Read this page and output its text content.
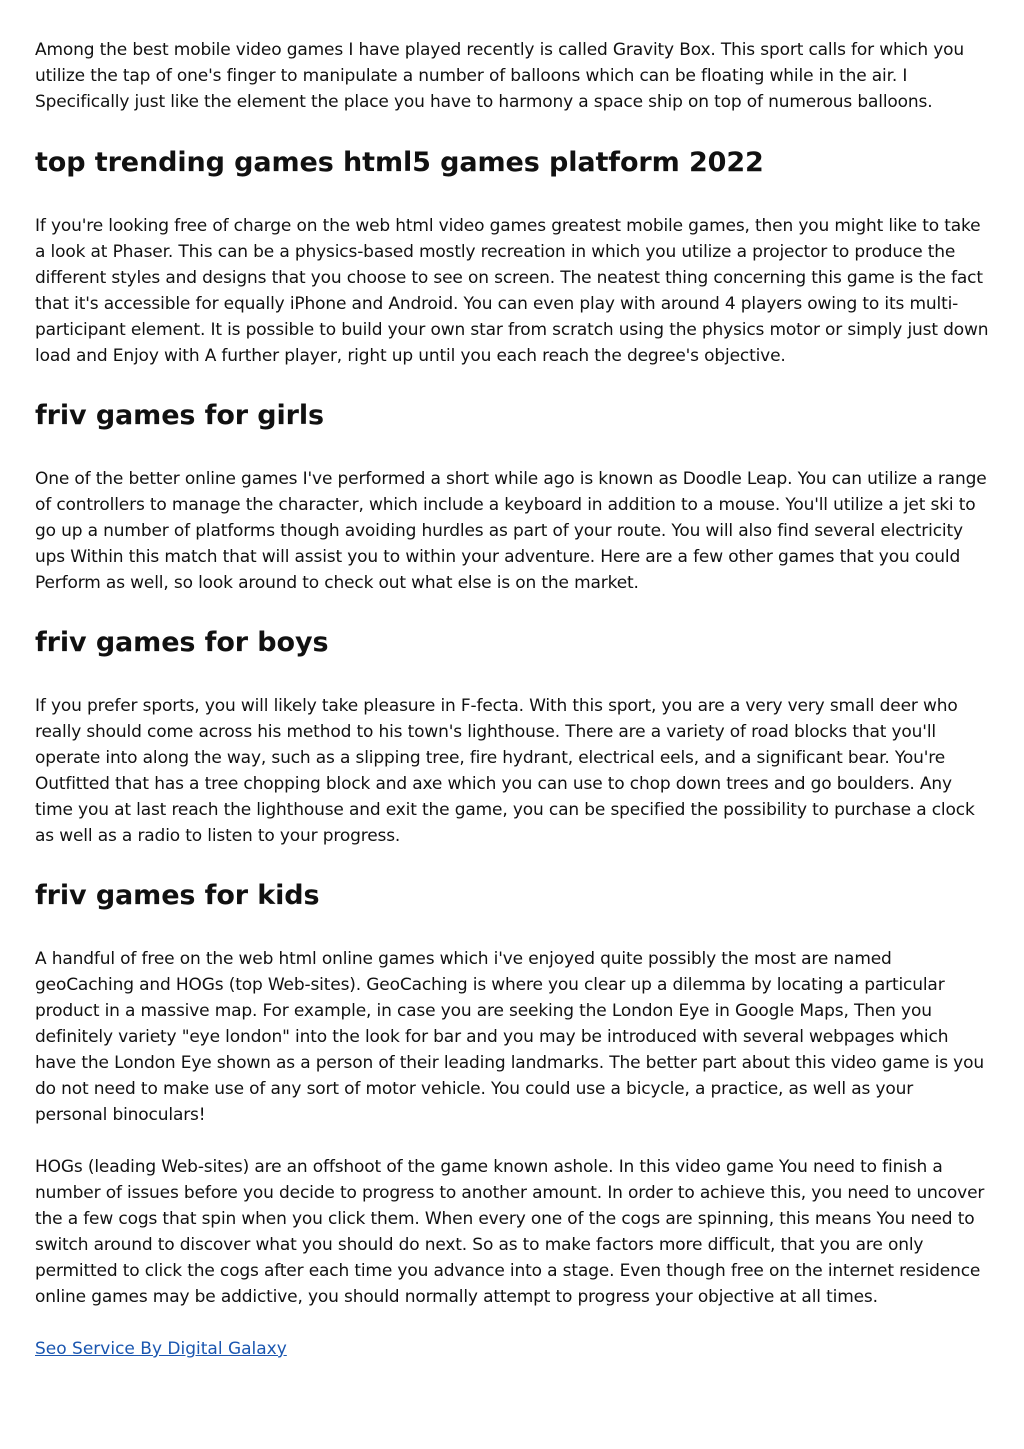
Among the best mobile video games I have played recently is called Gravity Box. This sport calls for which you utilize the tap of one's finger to manipulate a number of balloons which can be floating while in the air. I Specifically just like the element the place you have to harmony a space ship on top of numerous balloons.

top trending games html5 games platform 2022

If you're looking free of charge on the web html video games greatest mobile games, then you might like to take a look at Phaser. This can be a physics-based mostly recreation in which you utilize a projector to produce the different styles and designs that you choose to see on screen. The neatest thing concerning this game is the fact that it's accessible for equally iPhone and Android. You can even play with around 4 players owing to its multi-participant element. It is possible to build your own star from scratch using the physics motor or simply just down load and Enjoy with A further player, right up until you each reach the degree's objective.

friv games for girls

One of the better online games I've performed a short while ago is known as Doodle Leap. You can utilize a range of controllers to manage the character, which include a keyboard in addition to a mouse. You'll utilize a jet ski to go up a number of platforms though avoiding hurdles as part of your route. You will also find several electricity ups Within this match that will assist you to within your adventure. Here are a few other games that you could Perform as well, so look around to check out what else is on the market.

friv games for boys

If you prefer sports, you will likely take pleasure in F-fecta. With this sport, you are a very very small deer who really should come across his method to his town's lighthouse. There are a variety of road blocks that you'll operate into along the way, such as a slipping tree, fire hydrant, electrical eels, and a significant bear. You're Outfitted that has a tree chopping block and axe which you can use to chop down trees and go boulders. Any time you at last reach the lighthouse and exit the game, you can be specified the possibility to purchase a clock as well as a radio to listen to your progress.

friv games for kids

A handful of free on the web html online games which i've enjoyed quite possibly the most are named geoCaching and HOGs (top Web-sites). GeoCaching is where you clear up a dilemma by locating a particular product in a massive map. For example, in case you are seeking the London Eye in Google Maps, Then you definitely variety "eye london" into the look for bar and you may be introduced with several webpages which have the London Eye shown as a person of their leading landmarks. The better part about this video game is you do not need to make use of any sort of motor vehicle. You could use a bicycle, a practice, as well as your personal binoculars!

HOGs (leading Web-sites) are an offshoot of the game known ashole. In this video game You need to finish a number of issues before you decide to progress to another amount. In order to achieve this, you need to uncover the a few cogs that spin when you click them. When every one of the cogs are spinning, this means You need to switch around to discover what you should do next. So as to make factors more difficult, that you are only permitted to click the cogs after each time you advance into a stage. Even though free on the internet residence online games may be addictive, you should normally attempt to progress your objective at all times.

Seo Service By Digital Galaxy
